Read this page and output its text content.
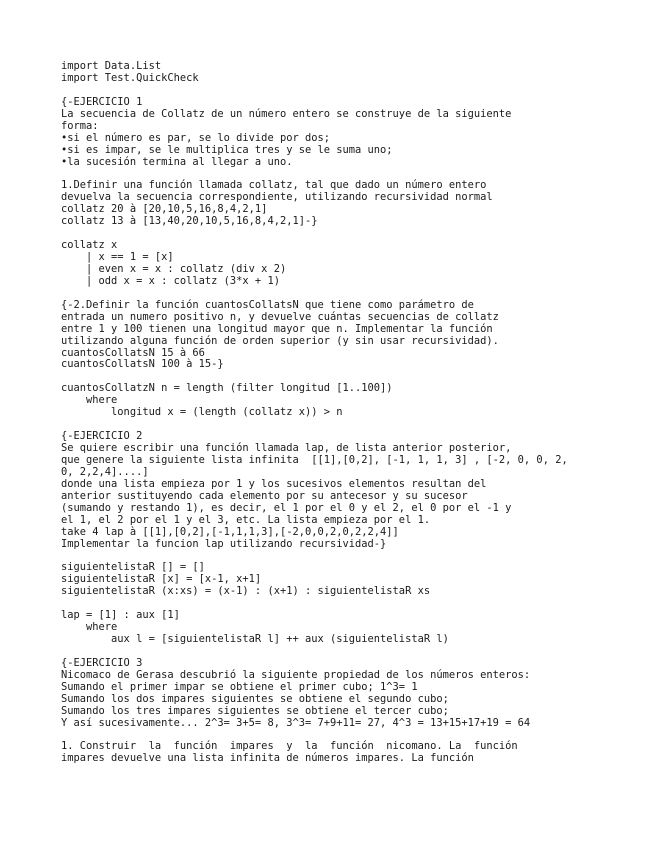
import Data.List
import Test.QuickCheck
{-EJERCICIO 1
La secuencia de Collatz de un número entero se construye de la siguiente
forma:
•si el número es par, se lo divide por dos;
•si es impar, se le multiplica tres y se le suma uno;
•la sucesión termina al llegar a uno.
1.Definir una función llamada collatz, tal que dado un número entero
devuelva la secuencia correspondiente, utilizando recursividad normal
collatz 20 à [20,10,5,16,8,4,2,1]
collatz 13 à [13,40,20,10,5,16,8,4,2,1]-}
collatz x
| x == 1 = [x]
| even x = x : collatz (div x 2)
| odd x = x : collatz (3*x + 1)
{-2.Definir la función cuantosCollatsN que tiene como parámetro de
entrada un numero positivo n, y devuelve cuántas secuencias de collatz
entre 1 y 100 tienen una longitud mayor que n. Implementar la función
utilizando alguna función de orden superior (y sin usar recursividad).
cuantosCollatsN 15 à 66
cuantosCollatsN 100 à 15-}
cuantosCollatzN n = length (filter longitud [1..100])
where
longitud x = (length (collatz x)) > n
{-EJERCICIO 2
Se quiere escribir una función llamada lap, de lista anterior posterior,
que genere la siguiente lista infinita  [[1],[0,2], [-1, 1, 1, 3] , [-2, 0, 0, 2,
0, 2,2,4]....]
donde una lista empieza por 1 y los sucesivos elementos resultan del
anterior sustituyendo cada elemento por su antecesor y su sucesor
(sumando y restando 1), es decir, el 1 por el 0 y el 2, el 0 por el -1 y
el 1, el 2 por el 1 y el 3, etc. La lista empieza por el 1.
take 4 lap à [[1],[0,2],[-1,1,1,3],[-2,0,0,2,0,2,2,4]]
Implementar la funcion lap utilizando recursividad-}
siguientelistaR [] = []
siguientelistaR [x] = [x-1, x+1]
siguientelistaR (x:xs) = (x-1) : (x+1) : siguientelistaR xs
lap = [1] : aux [1]
where
aux l = [siguientelistaR l] ++ aux (siguientelistaR l)
{-EJERCICIO 3
Nicomaco de Gerasa descubrió la siguiente propiedad de los números enteros:
Sumando el primer impar se obtiene el primer cubo; 1^3= 1
Sumando los dos impares siguientes se obtiene el segundo cubo;
Sumando los tres impares siguientes se obtiene el tercer cubo;
Y así sucesivamente... 2^3= 3+5= 8, 3^3= 7+9+11= 27, 4^3 = 13+15+17+19 = 64
1. Construir  la  función  impares  y  la  función  nicomano. La  función
impares devuelve una lista infinita de números impares. La función
